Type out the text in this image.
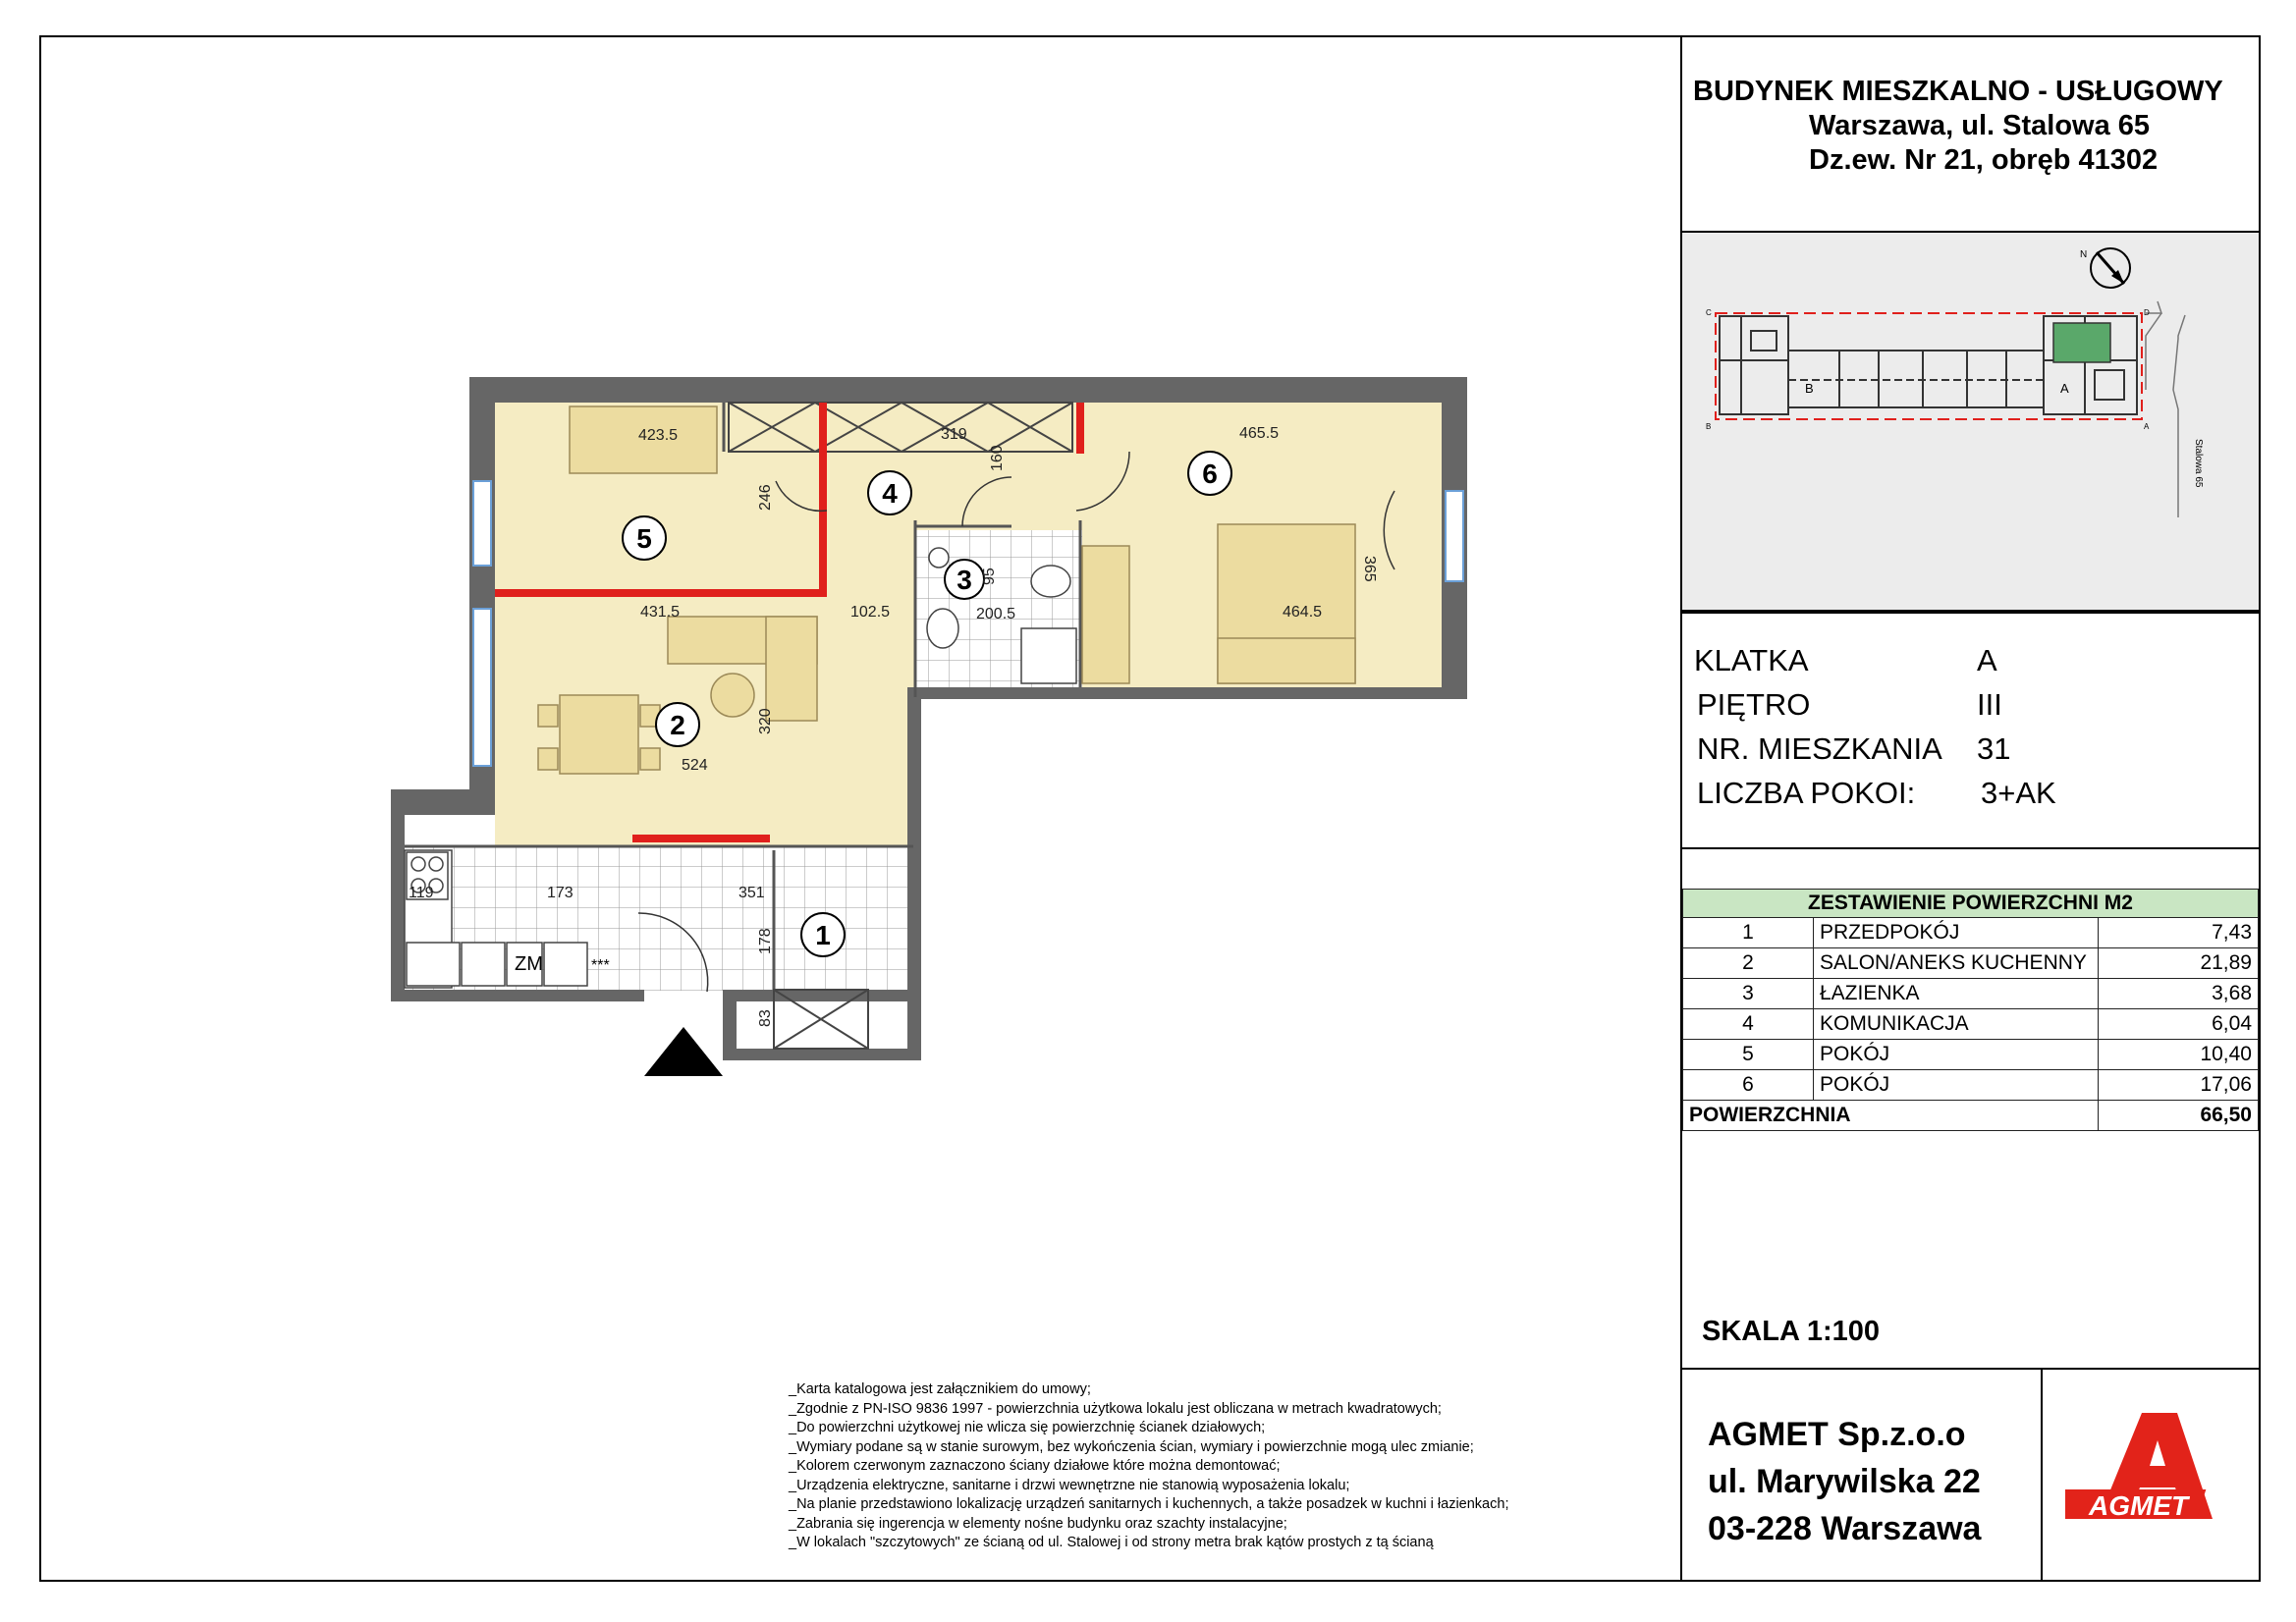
BUDYNEK MIESZKALNO - USŁUGOWY
Warszawa, ul. Stalowa 65
Dz.ew. Nr 21, obręb 41302
N
Stalowa 65
B	A
C	D
B	A
KLATKA	A
PIĘTRO	III
NR. MIESZKANIA 31
LICZBA POKOI: 3+AK
ZESTAWIENIE POWIERZCHNI M2		
1	PRZEDPOKÓJ	7,43
2	SALON/ANEKS KUCHENNY	21,89
3	ŁAZIENKA	3,68
4	KOMUNIKACJA	6,04
5	POKÓJ	10,40
6	POKÓJ	17,06
POWIERZCHNIA		66,50
SKALA 1:100
AGMET Sp.z.o.o
ul. Marywilska 22
03-228 Warszawa
AGMET
_Karta katalogowa jest załącznikiem do umowy;
_Zgodnie z PN-ISO 9836 1997 - powierzchnia użytkowa lokalu jest obliczana w metrach kwadratowych;
_Do powierzchni użytkowej nie wlicza się powierzchnię ścianek działowych;
_Wymiary podane są w stanie surowym, bez wykończenia ścian, wymiary i powierzchnie mogą ulec zmianie;
_Kolorem czerwonym zaznaczono ściany działowe które można demontować;
_Urządzenia elektryczne, sanitarne i drzwi wewnętrzne nie stanowią wyposażenia lokalu;
_Na planie przedstawiono lokalizację urządzeń sanitarnych i kuchennych, a także posadzek w kuchni i łazienkach;
_Zabrania się ingerencja w elementy nośne budynku oraz szachty instalacyjne;
_W lokalach "szczytowych" ze ścianą od ul. Stalowej i od strony metra brak kątów prostych z tą ścianą
ZM	***
1
2
3
4
5
6
423.5	319	465.5
246
160
365
95
431.5	102.5	200.5	464.5
320
524
119	173	351
178
83
